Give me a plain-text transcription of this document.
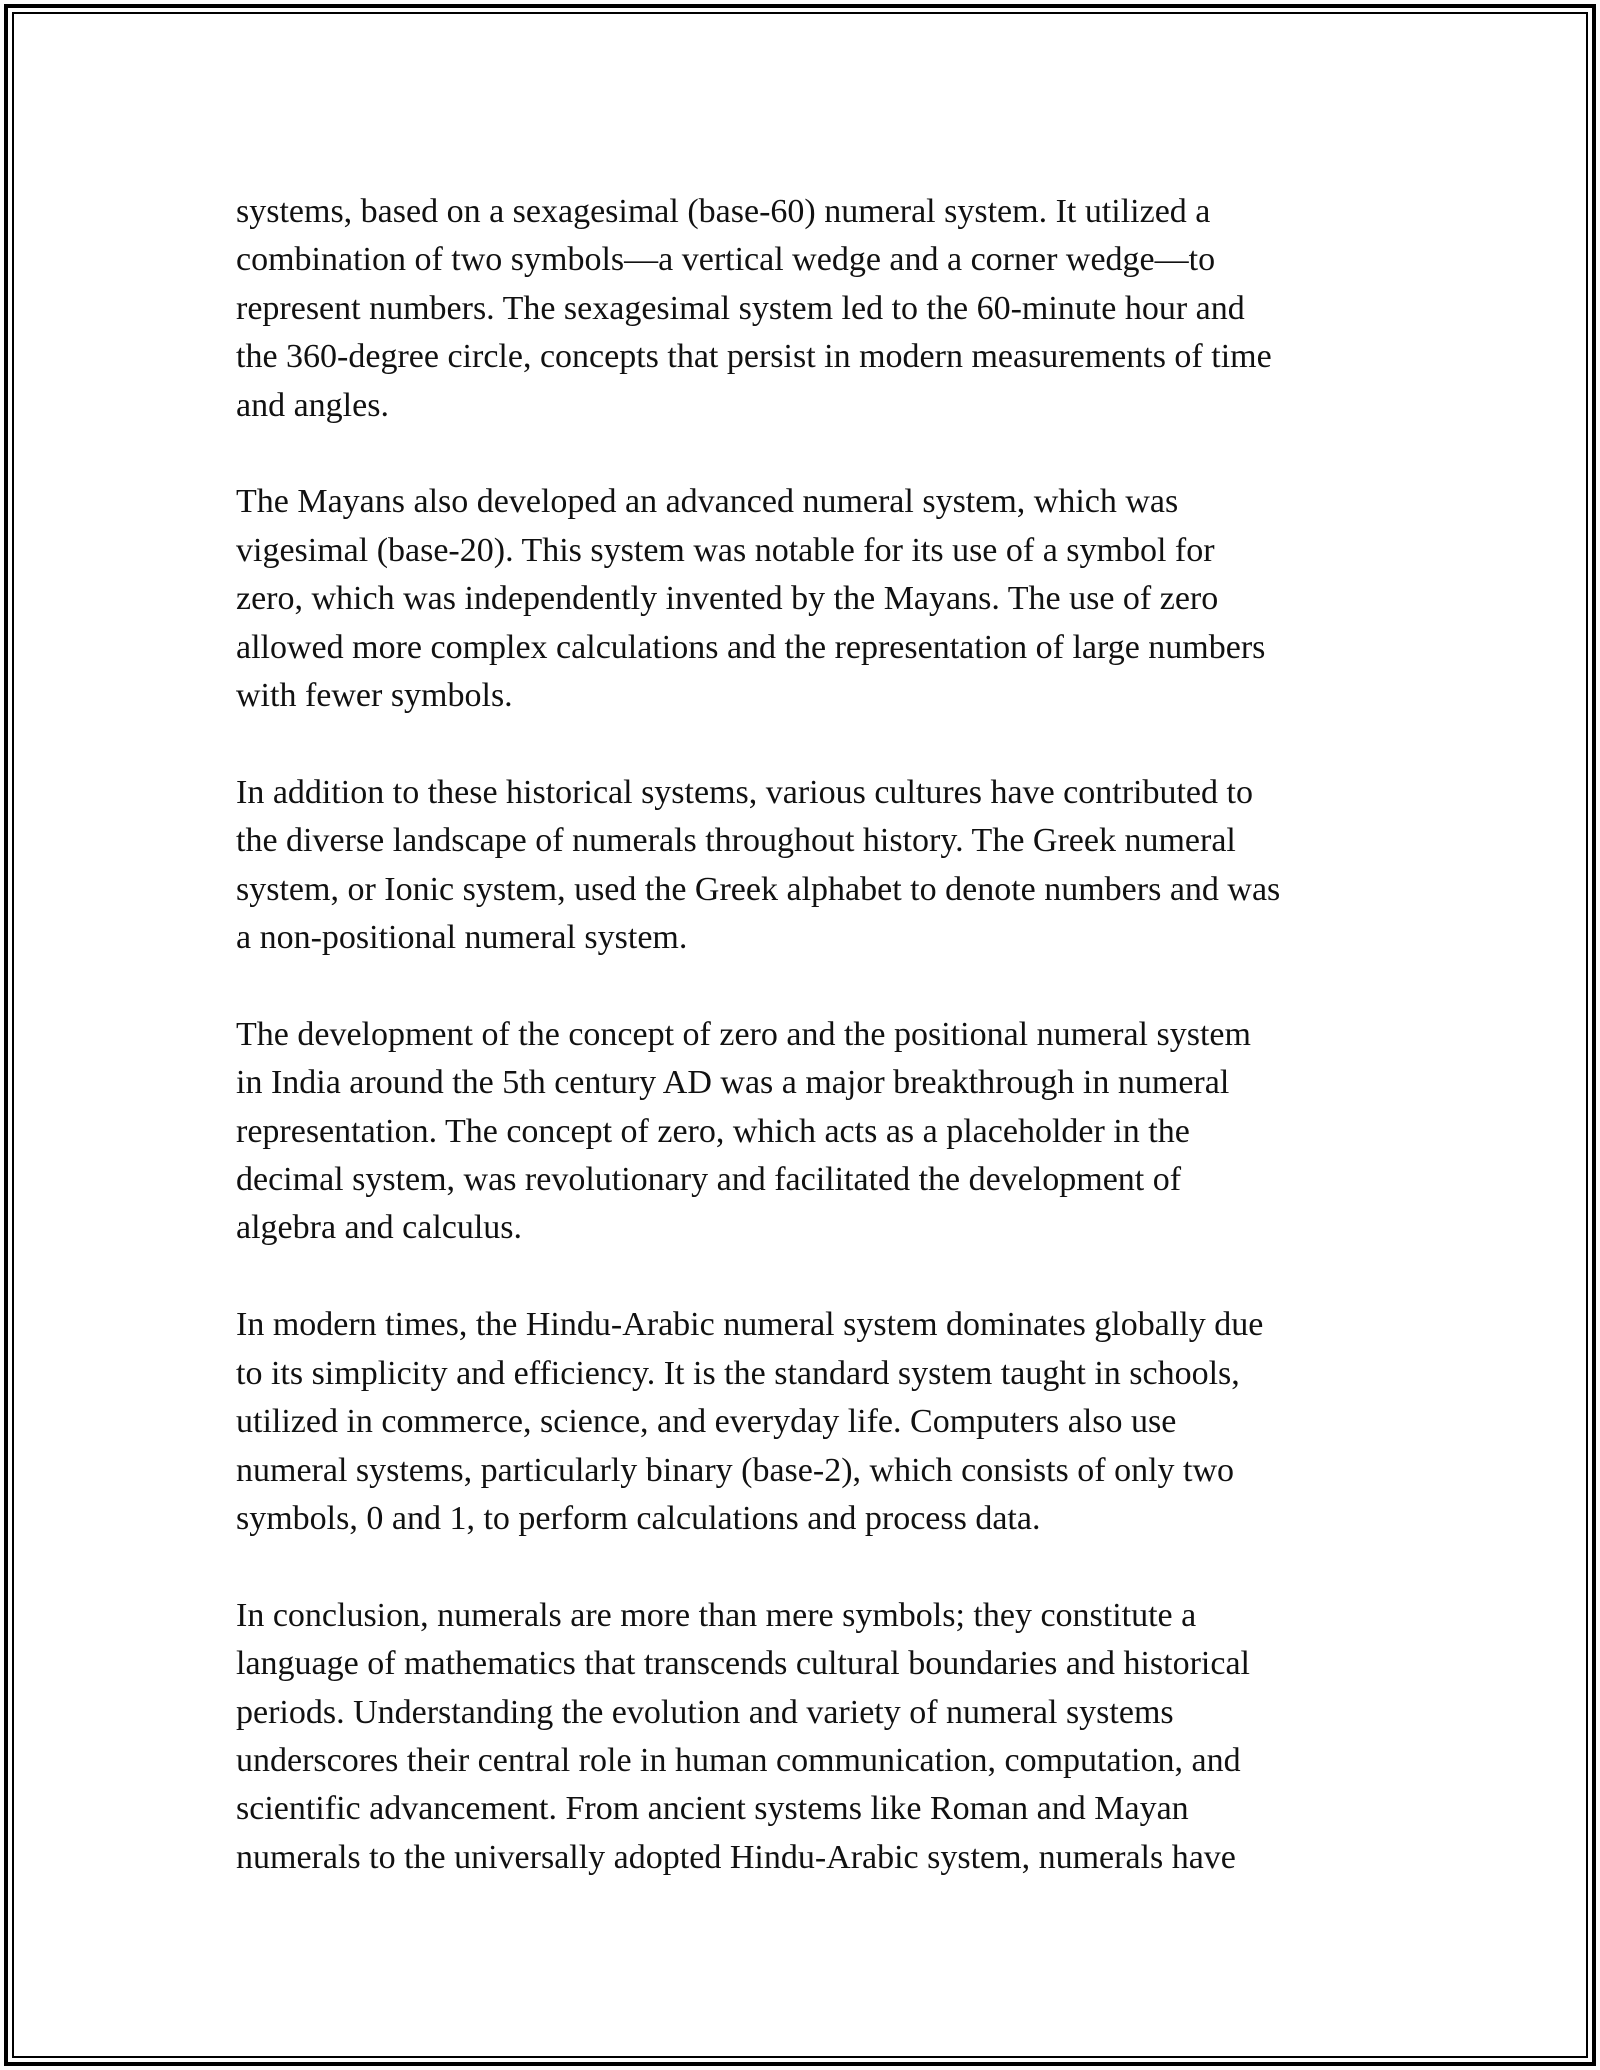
systems, based on a sexagesimal (base-60) numeral system. It utilized a
combination of two symbols—a vertical wedge and a corner wedge—to
represent numbers. The sexagesimal system led to the 60-minute hour and
the 360-degree circle, concepts that persist in modern measurements of time
and angles.

The Mayans also developed an advanced numeral system, which was
vigesimal (base-20). This system was notable for its use of a symbol for
zero, which was independently invented by the Mayans. The use of zero
allowed more complex calculations and the representation of large numbers
with fewer symbols.

In addition to these historical systems, various cultures have contributed to
the diverse landscape of numerals throughout history. The Greek numeral
system, or Ionic system, used the Greek alphabet to denote numbers and was
a non-positional numeral system.

The development of the concept of zero and the positional numeral system
in India around the 5th century AD was a major breakthrough in numeral
representation. The concept of zero, which acts as a placeholder in the
decimal system, was revolutionary and facilitated the development of
algebra and calculus.

In modern times, the Hindu-Arabic numeral system dominates globally due
to its simplicity and efficiency. It is the standard system taught in schools,
utilized in commerce, science, and everyday life. Computers also use
numeral systems, particularly binary (base-2), which consists of only two
symbols, 0 and 1, to perform calculations and process data.

In conclusion, numerals are more than mere symbols; they constitute a
language of mathematics that transcends cultural boundaries and historical
periods. Understanding the evolution and variety of numeral systems
underscores their central role in human communication, computation, and
scientific advancement. From ancient systems like Roman and Mayan
numerals to the universally adopted Hindu-Arabic system, numerals have
